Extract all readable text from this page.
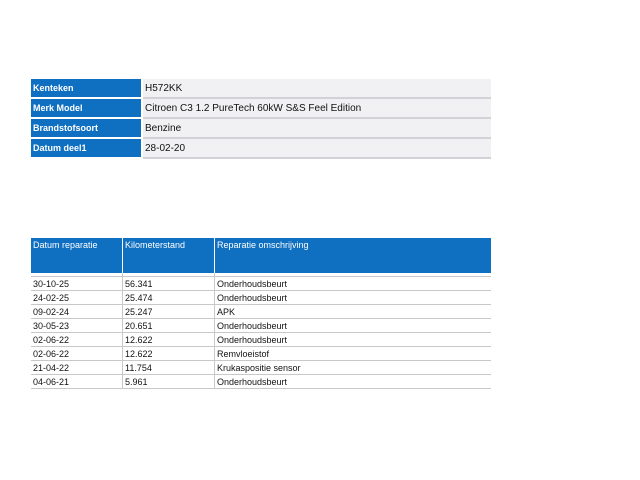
Kenteken	H572KK
Merk Model	Citroen C3 1.2 PureTech 60kW S&S Feel Edition
Brandstofsoort	Benzine
Datum deel1	28-02-20
Datum reparatie	Kilometerstand	Reparatie omschrijving

30-10-25	56.341	Onderhoudsbeurt
24-02-25	25.474	Onderhoudsbeurt
09-02-24	25.247	APK
30-05-23	20.651	Onderhoudsbeurt
02-06-22	12.622	Onderhoudsbeurt
02-06-22	12.622	Remvloeistof
21-04-22	11.754	Krukaspositie sensor
04-06-21	5.961	Onderhoudsbeurt
